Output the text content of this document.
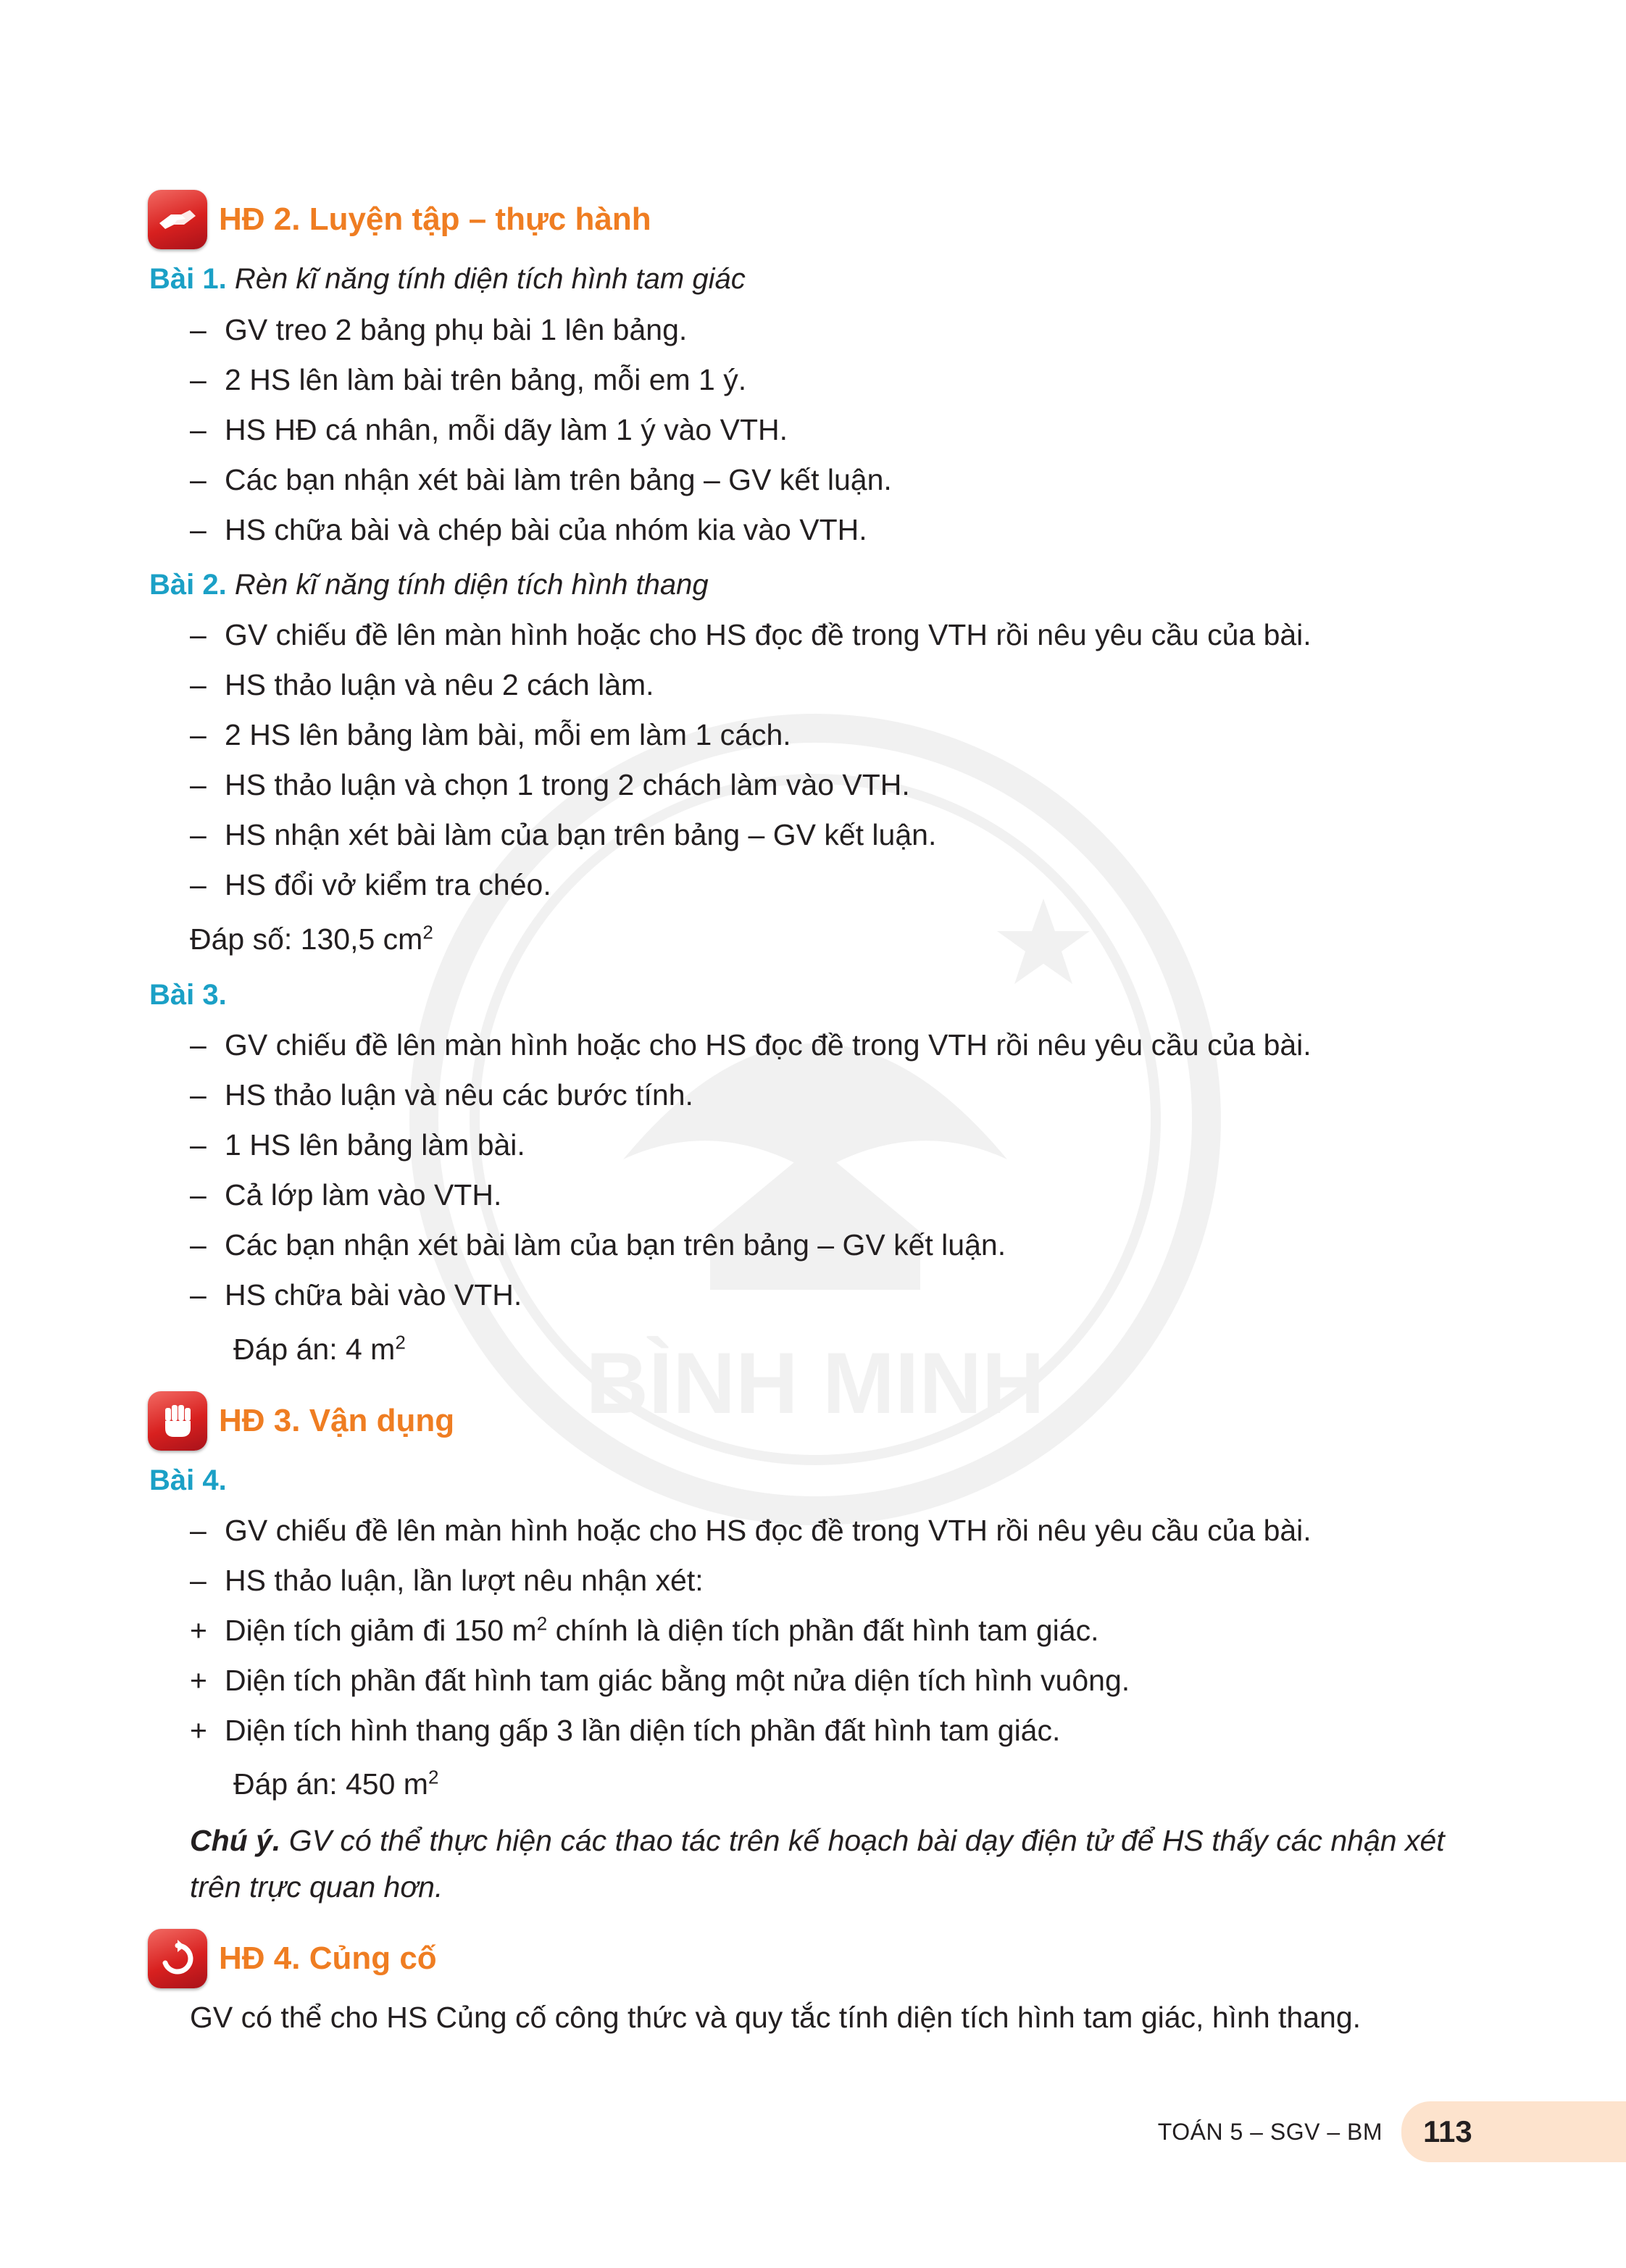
BÌNH MINH
HĐ 2. Luyện tập – thực hành
Bài 1. Rèn kĩ năng tính diện tích hình tam giác
– GV treo 2 bảng phụ bài 1 lên bảng.
– 2 HS lên làm bài trên bảng, mỗi em 1 ý.
– HS HĐ cá nhân, mỗi dãy làm 1 ý vào VTH.
– Các bạn nhận xét bài làm trên bảng – GV kết luận.
– HS chữa bài và chép bài của nhóm kia vào VTH.
Bài 2. Rèn kĩ năng tính diện tích hình thang
– GV chiếu đề lên màn hình hoặc cho HS đọc đề trong VTH rồi nêu yêu cầu của bài.
– HS thảo luận và nêu 2 cách làm.
– 2 HS lên bảng làm bài, mỗi em làm 1 cách.
– HS thảo luận và chọn 1 trong 2 chách làm vào VTH.
– HS nhận xét bài làm của bạn trên bảng – GV kết luận.
– HS đổi vở kiểm tra chéo.
Đáp số: 130,5 $cm^2$
Bài 3.
– GV chiếu đề lên màn hình hoặc cho HS đọc đề trong VTH rồi nêu yêu cầu của bài.
– HS thảo luận và nêu các bước tính.
– 1 HS lên bảng làm bài.
– Cả lớp làm vào VTH.
– Các bạn nhận xét bài làm của bạn trên bảng – GV kết luận.
– HS chữa bài vào VTH.
Đáp án: 4 $m^2$
HĐ 3. Vận dụng
Bài 4.
– GV chiếu đề lên màn hình hoặc cho HS đọc đề trong VTH rồi nêu yêu cầu của bài.
– HS thảo luận, lần lượt nêu nhận xét:
+ Diện tích giảm đi 150 $m^2$ chính là diện tích phần đất hình tam giác.
+ Diện tích phần đất hình tam giác bằng một nửa diện tích hình vuông.
+ Diện tích hình thang gấp 3 lần diện tích phần đất hình tam giác.
Đáp án: 450 $m^2$
Chú ý. GV có thể thực hiện các thao tác trên kế hoạch bài dạy điện tử để HS thấy các nhận xét trên trực quan hơn.
HĐ 4. Củng cố
GV có thể cho HS Củng cố công thức và quy tắc tính diện tích hình tam giác, hình thang.
TOÁN 5 – SGV – BM 113
